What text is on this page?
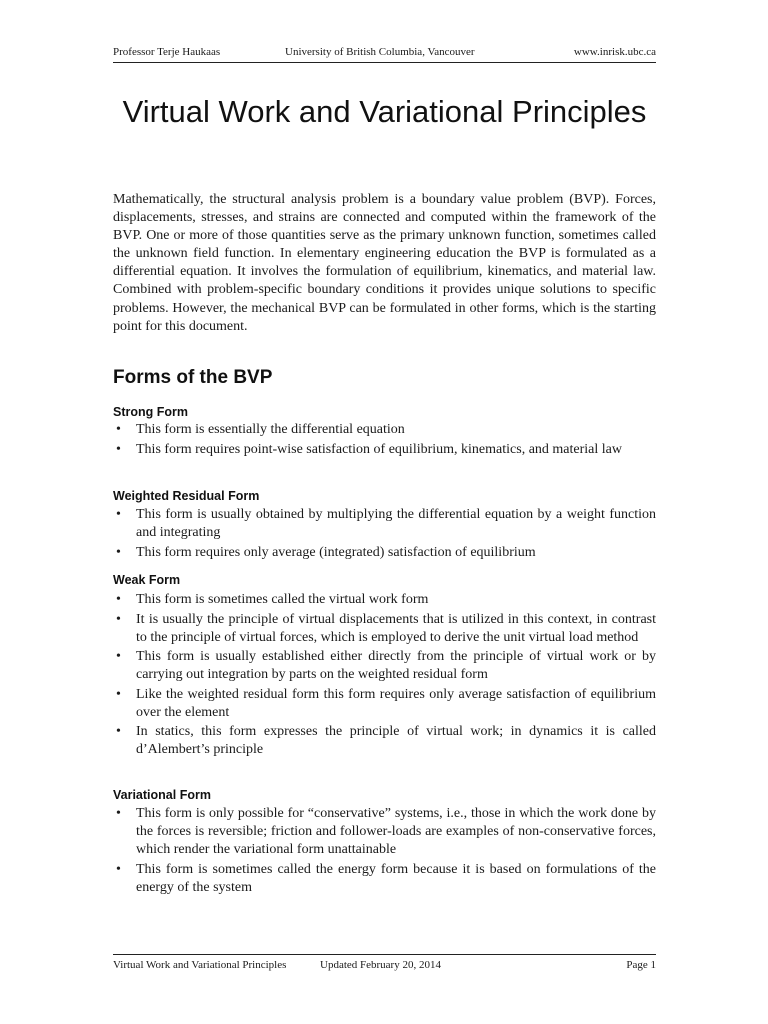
Professor Terje Haukaas	University of British Columbia, Vancouver	www.inrisk.ubc.ca
Virtual Work and Variational Principles

Mathematically, the structural analysis problem is a boundary value problem (BVP). Forces, displacements, stresses, and strains are connected and computed within the framework of the BVP. One or more of those quantities serve as the primary unknown function, sometimes called the unknown field function. In elementary engineering education the BVP is formulated as a differential equation. It involves the formulation of equilibrium, kinematics, and material law. Combined with problem-specific boundary conditions it provides unique solutions to specific problems. However, the mechanical BVP can be formulated in other forms, which is the starting point for this document.

Forms of the BVP
Strong Form
• This form is essentially the differential equation
• This form requires point-wise satisfaction of equilibrium, kinematics, and material law
Weighted Residual Form
• This form is usually obtained by multiplying the differential equation by a weight function and integrating
• This form requires only average (integrated) satisfaction of equilibrium
Weak Form
• This form is sometimes called the virtual work form
• It is usually the principle of virtual displacements that is utilized in this context, in contrast to the principle of virtual forces, which is employed to derive the unit virtual load method
• This form is usually established either directly from the principle of virtual work or by carrying out integration by parts on the weighted residual form
• Like the weighted residual form this form requires only average satisfaction of equilibrium over the element
• In statics, this form expresses the principle of virtual work; in dynamics it is called d’Alembert’s principle
Variational Form
• This form is only possible for “conservative” systems, i.e., those in which the work done by the forces is reversible; friction and follower-loads are examples of non-conservative forces, which render the variational form unattainable
• This form is sometimes called the energy form because it is based on formulations of the energy of the system
Virtual Work and Variational Principles	Updated February 20, 2014	Page 1
